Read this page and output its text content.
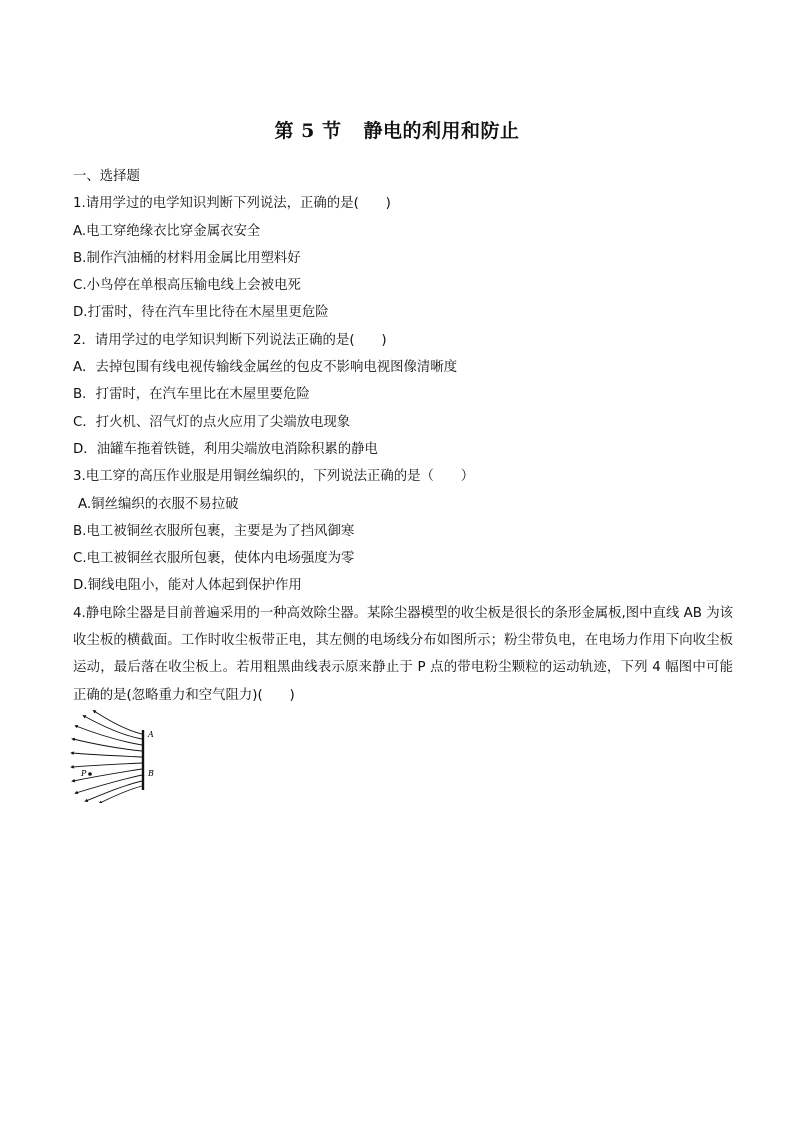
第 5 节 静电的利用和防止
一、选择题
1.请用学过的电学知识判断下列说法，正确的是(　　)
A.电工穿绝缘衣比穿金属衣安全
B.制作汽油桶的材料用金属比用塑料好
C.小鸟停在单根高压输电线上会被电死
D.打雷时，待在汽车里比待在木屋里更危险
2．请用学过的电学知识判断下列说法正确的是(　　)
A．去掉包围有线电视传输线金属丝的包皮不影响电视图像清晰度
B．打雷时，在汽车里比在木屋里要危险
C．打火机、沼气灯的点火应用了尖端放电现象
D．油罐车拖着铁链，利用尖端放电消除积累的静电
3.电工穿的高压作业服是用铜丝编织的，下列说法正确的是（　　）
A.铜丝编织的衣服不易拉破
B.电工被铜丝衣服所包裹，主要是为了挡风御寒
C.电工被铜丝衣服所包裹，使体内电场强度为零
D.铜线电阻小，能对人体起到保护作用
4.静电除尘器是目前普遍采用的一种高效除尘器。某除尘器模型的收尘板是很长的条形金属板,图中直线 AB 为该收尘板的横截面。工作时收尘板带正电，其左侧的电场线分布如图所示；粉尘带负电，在电场力作用下向收尘板运动，最后落在收尘板上。若用粗黑曲线表示原来静止于 P 点的带电粉尘颗粒的运动轨迹，下列 4 幅图中可能正确的是(忽略重力和空气阻力)(　　)
A
B
P
